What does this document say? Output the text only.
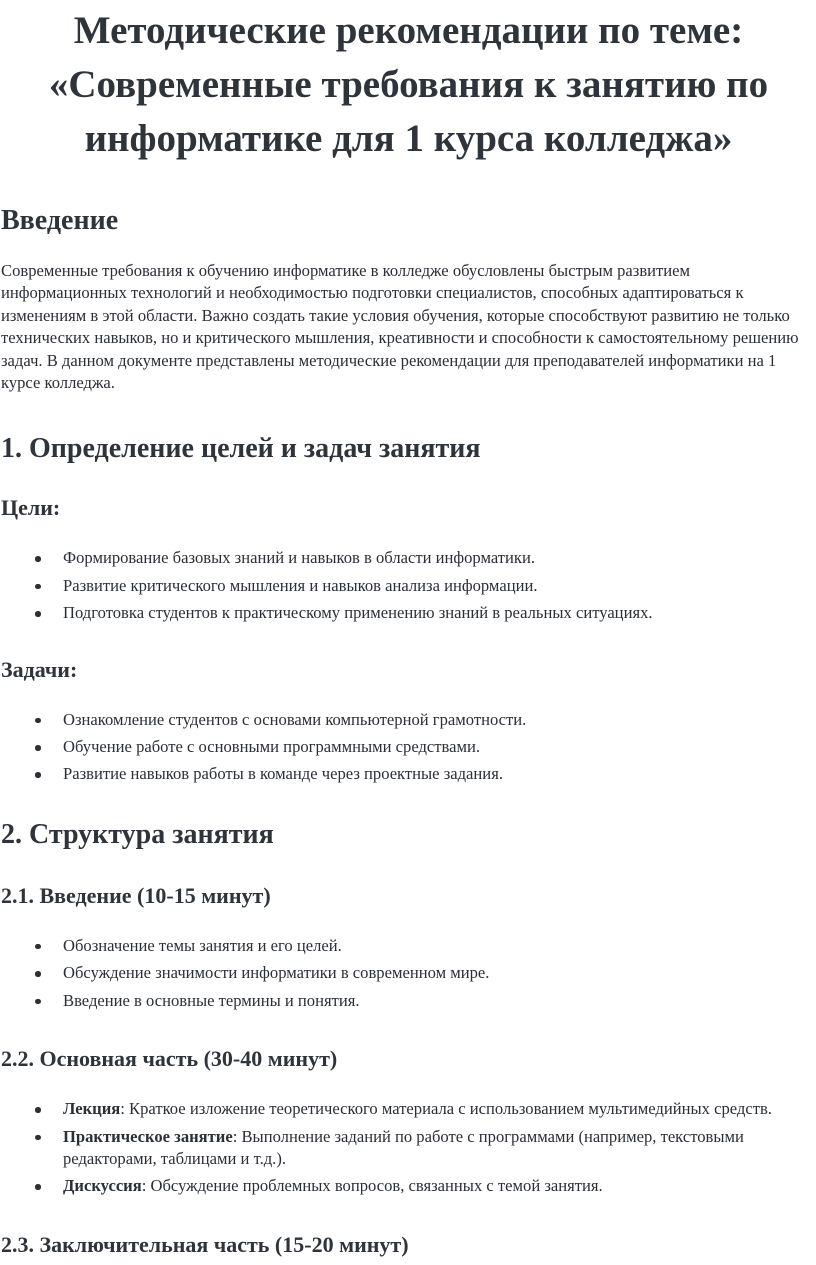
Методические рекомендации по теме: «Современные требования к занятию по информатике для 1 курса колледжа»
Введение

Современные требования к обучению информатике в колледже обусловлены быстрым развитием информационных технологий и необходимостью подготовки специалистов, способных адаптироваться к изменениям в этой области. Важно создать такие условия обучения, которые способствуют развитию не только технических навыков, но и критического мышления, креативности и способности к самостоятельному решению задач. В данном документе представлены методические рекомендации для преподавателей информатики на 1 курсе колледжа.

1. Определение целей и задач занятия
Цели:
Формирование базовых знаний и навыков в области информатики.
Развитие критического мышления и навыков анализа информации.
Подготовка студентов к практическому применению знаний в реальных ситуациях.
Задачи:
Ознакомление студентов с основами компьютерной грамотности.
Обучение работе с основными программными средствами.
Развитие навыков работы в команде через проектные задания.
2. Структура занятия
2.1. Введение (10-15 минут)
Обозначение темы занятия и его целей.
Обсуждение значимости информатики в современном мире.
Введение в основные термины и понятия.
2.2. Основная часть (30-40 минут)
Лекция: Краткое изложение теоретического материала с использованием мультимедийных средств.
Практическое занятие: Выполнение заданий по работе с программами (например, текстовыми редакторами, таблицами и т.д.).
Дискуссия: Обсуждение проблемных вопросов, связанных с темой занятия.
2.3. Заключительная часть (15-20 минут)
